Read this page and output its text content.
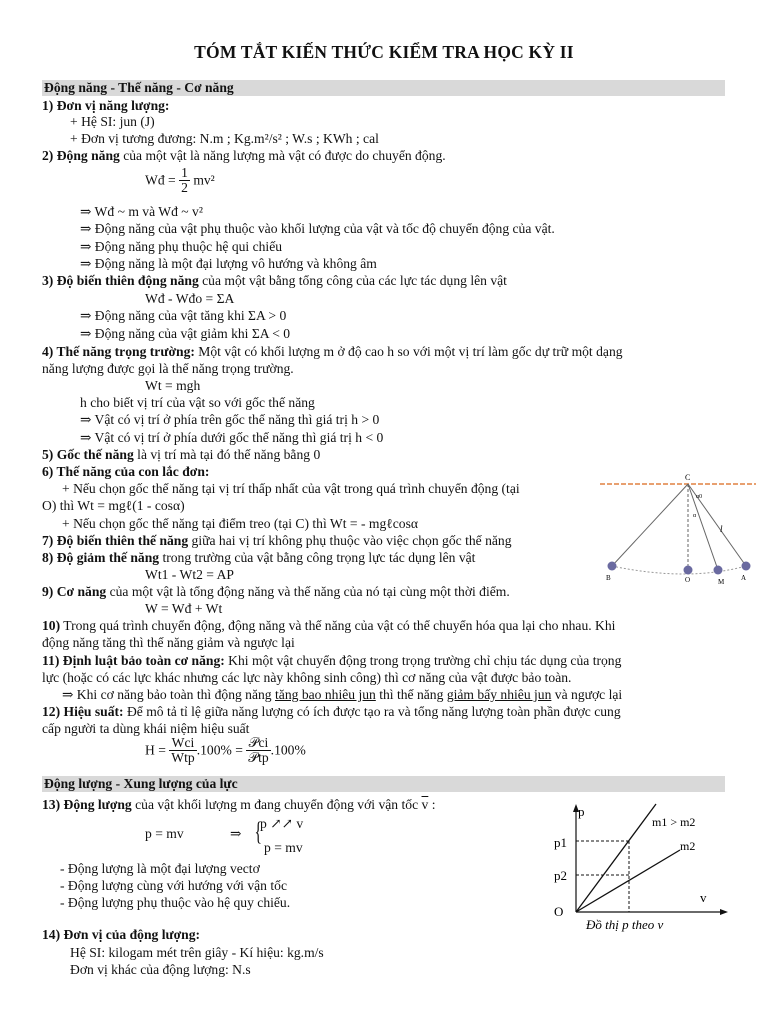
TÓM TẮT KIẾN THỨC KIỂM TRA HỌC KỲ II
Động năng - Thế năng - Cơ năng
1) Đơn vị năng lượng:
+ Hệ SI: jun (J)
+ Đơn vị tương đương: N.m ; Kg.m²/s² ; W.s ; KWh ; cal
2) Động năng của một vật là năng lượng mà vật có được do chuyển động.
Wđ = $\frac{1}{2} mv^2$
⇒ Wđ ~ m và Wđ ~ v²
⇒ Động năng của vật phụ thuộc vào khối lượng của vật và tốc độ chuyển động của vật.
⇒ Động năng phụ thuộc hệ qui chiếu
⇒ Động năng là một đại lượng vô hướng và không âm
3) Độ biến thiên động năng của một vật bằng tổng công của các lực tác dụng lên vật
Wđ - Wđo = ΣA
⇒ Động năng của vật tăng khi ΣA > 0
⇒ Động năng của vật giảm khi ΣA < 0
4) Thế năng trọng trường: Một vật có khối lượng m ở độ cao h so với một vị trí làm gốc dự trữ một dạng
năng lượng được gọi là thế năng trọng trường.
Wt = mgh
h cho biết vị trí của vật so với gốc thế năng
⇒ Vật có vị trí ở phía trên gốc thế năng thì giá trị h > 0
⇒ Vật có vị trí ở phía dưới gốc thế năng thì giá trị h < 0
5) Gốc thế năng là vị trí mà tại đó thế năng bằng 0
6) Thế năng của con lắc đơn:
+ Nếu chọn gốc thế năng tại vị trí thấp nhất của vật trong quá trình chuyển động (tại
O) thì Wt = mgℓ(1 - cosα)
+ Nếu chọn gốc thế năng tại điểm treo (tại C) thì Wt = - mgℓcosα
7) Độ biến thiên thế năng giữa hai vị trí không phụ thuộc vào việc chọn gốc thế năng
8) Độ giảm thế năng trong trường của vật bằng công trọng lực tác dụng lên vật
Wt1 - Wt2 = AP
9) Cơ năng của một vật là tổng động năng và thế năng của nó tại cùng một thời điểm.
W = Wđ + Wt
C
α0
α
l
B	O	M A
10) Trong quá trình chuyển động, động năng và thế năng của vật có thể chuyển hóa qua lại cho nhau. Khi
động năng tăng thì thế năng giảm và ngược lại
11) Định luật bảo toàn cơ năng: Khi một vật chuyển động trong trọng trường chỉ chịu tác dụng của trọng
lực (hoặc có các lực khác nhưng các lực này không sinh công) thì cơ năng của vật được bảo toàn.
⇒ Khi cơ năng bảo toàn thì động năng tăng bao nhiêu jun thì thế năng giảm bấy nhiêu jun và ngược lại
12) Hiệu suất: Để mô tả tỉ lệ giữa năng lượng có ích được tạo ra và tổng năng lượng toàn phần được cung
cấp người ta dùng khái niệm hiệu suất
$H = \frac{\text{Wci}}{\text{Wtp}} .100\% = \frac{\text{𝒫ci}}{\text{𝒫tp}} .100\%$
Động lượng - Xung lượng của lực
13) Động lượng của vật khối lượng m đang chuyển động với vận tốc $\overline{v}$ :
p = mv	⇒ {
p ↗↗ v
p = mv
- Động lượng là một đại lượng vectơ
- Động lượng cùng với hướng với vận tốc
- Động lượng phụ thuộc vào hệ quy chiếu.
14) Đơn vị của động lượng:
Hệ SI: kilogam mét trên giây - Kí hiệu: kg.m/s
Đơn vị khác của động lượng: N.s
p
v
p1
p2
O
m1 > m2
m2
Đồ thị p theo v
